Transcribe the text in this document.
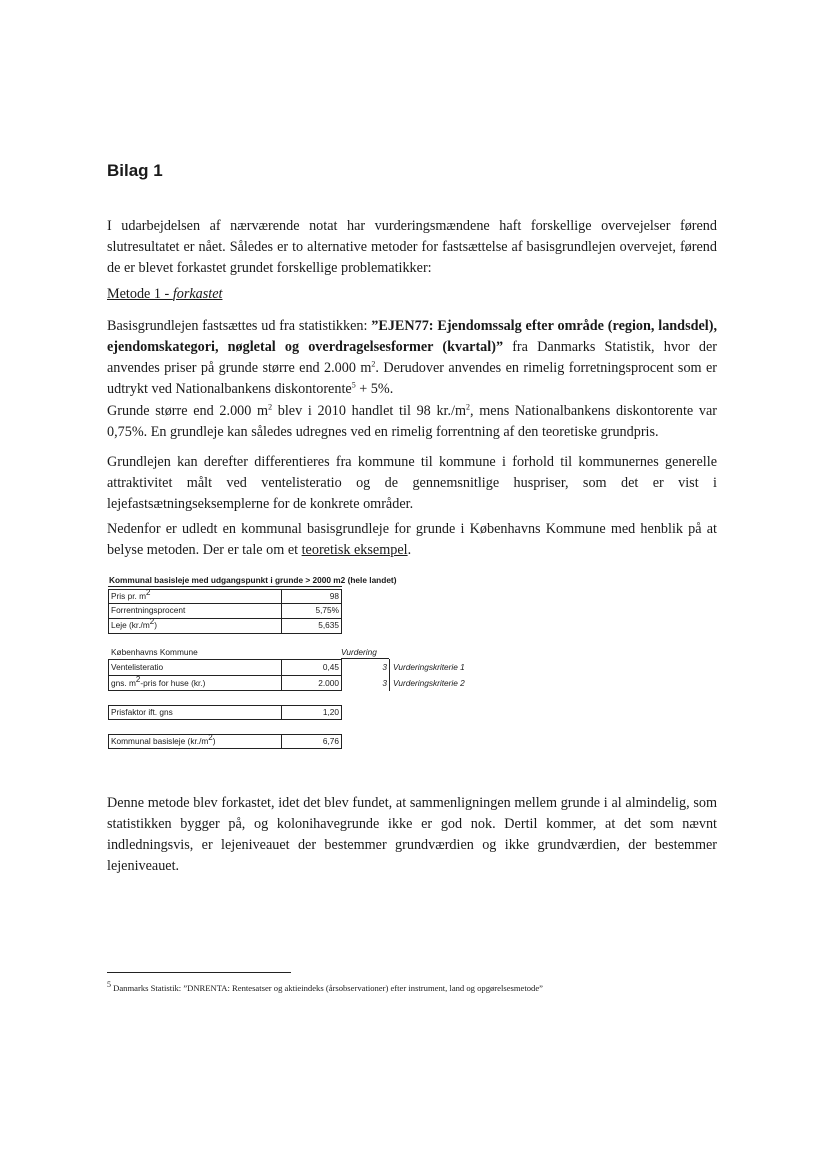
Bilag 1

I udarbejdelsen af nærværende notat har vurderingsmændene haft forskellige overvejelser førend slutresultatet er nået. Således er to alternative metoder for fastsættelse af basisgrundlejen overvejet, førend de er blevet forkastet grundet forskellige problematikker:

Metode 1 - forkastet

Basisgrundlejen fastsættes ud fra statistikken: ”EJEN77: Ejendomssalg efter område (region, landsdel), ejendomskategori, nøgletal og overdragelsesformer (kvartal)” fra Danmarks Statistik, hvor der anvendes priser på grunde større end 2.000 $m^2$. Derudover anvendes en rimelig forretningsprocent som er udtrykt ved Nationalbankens diskontorente$^5$ + 5%.

Grunde større end 2.000 $m^2$ blev i 2010 handlet til 98 $kr./m^2$, mens Nationalbankens diskontorente var 0,75%. En grundleje kan således udregnes ved en rimelig forrentning af den teoretiske grundpris.

Grundlejen kan derefter differentieres fra kommune til kommune i forhold til kommunernes generelle attraktivitet målt ved ventelisteratio og de gennemsnitlige huspriser, som det er vist i lejefastsætningseksemplerne for de konkrete områder.

Nedenfor er udledt en kommunal basisgrundleje for grunde i Københavns Kommune med henblik på at belyse metoden. Der er tale om et teoretisk eksempel.

Kommunal basisleje med udgangspunkt i grunde > 2000 m2 (hele landet)
Pris pr. $m^2$	98
Forrentningsprocent	5,75%
Leje $(kr./m^2)$	5,635
Københavns Kommune	Vurdering
Ventelisteratio	0,45	3 Vurderingskriterie 1
gns. $m^2$-pris for huse (kr.)	2.000	3 Vurderingskriterie 2
Prisfaktor ift. gns	1,20
Kommunal basisleje $(kr./m^2)$	6,76

Denne metode blev forkastet, idet det blev fundet, at sammenligningen mellem grunde i al almindelig, som statistikken bygger på, og kolonihavegrunde ikke er god nok. Dertil kommer, at det som nævnt indledningsvis, er lejeniveauet der bestemmer grundværdien og ikke grundværdien, der bestemmer lejeniveauet.

$^5$ Danmarks Statistik: ”DNRENTA: Rentesatser og aktieindeks (årsobservationer) efter instrument, land og opgørelsesmetode”
